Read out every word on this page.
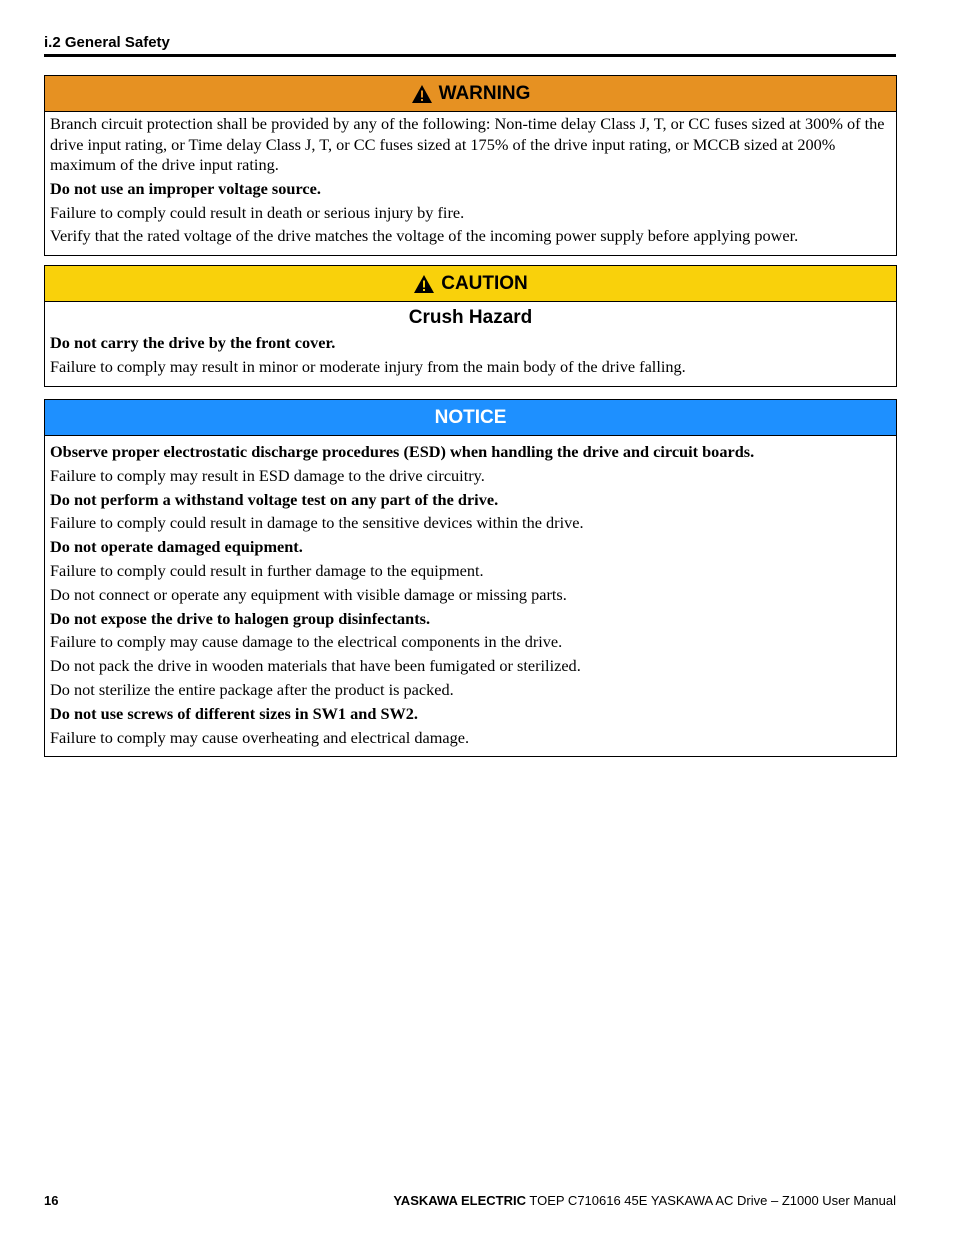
i.2 General Safety
WARNING

Branch circuit protection shall be provided by any of the following: Non-time delay Class J, T, or CC fuses sized at 300% of the drive input rating, or Time delay Class J, T, or CC fuses sized at 175% of the drive input rating, or MCCB sized at 200% maximum of the drive input rating.

Do not use an improper voltage source.

Failure to comply could result in death or serious injury by fire.

Verify that the rated voltage of the drive matches the voltage of the incoming power supply before applying power.

CAUTION
Crush Hazard

Do not carry the drive by the front cover.

Failure to comply may result in minor or moderate injury from the main body of the drive falling.

NOTICE

Observe proper electrostatic discharge procedures (ESD) when handling the drive and circuit boards.

Failure to comply may result in ESD damage to the drive circuitry.

Do not perform a withstand voltage test on any part of the drive.

Failure to comply could result in damage to the sensitive devices within the drive.

Do not operate damaged equipment.

Failure to comply could result in further damage to the equipment.

Do not connect or operate any equipment with visible damage or missing parts.

Do not expose the drive to halogen group disinfectants.

Failure to comply may cause damage to the electrical components in the drive.

Do not pack the drive in wooden materials that have been fumigated or sterilized.

Do not sterilize the entire package after the product is packed.

Do not use screws of different sizes in SW1 and SW2.

Failure to comply may cause overheating and electrical damage.

16	YASKAWA ELECTRIC TOEP C710616 45E YASKAWA AC Drive – Z1000 User Manual
